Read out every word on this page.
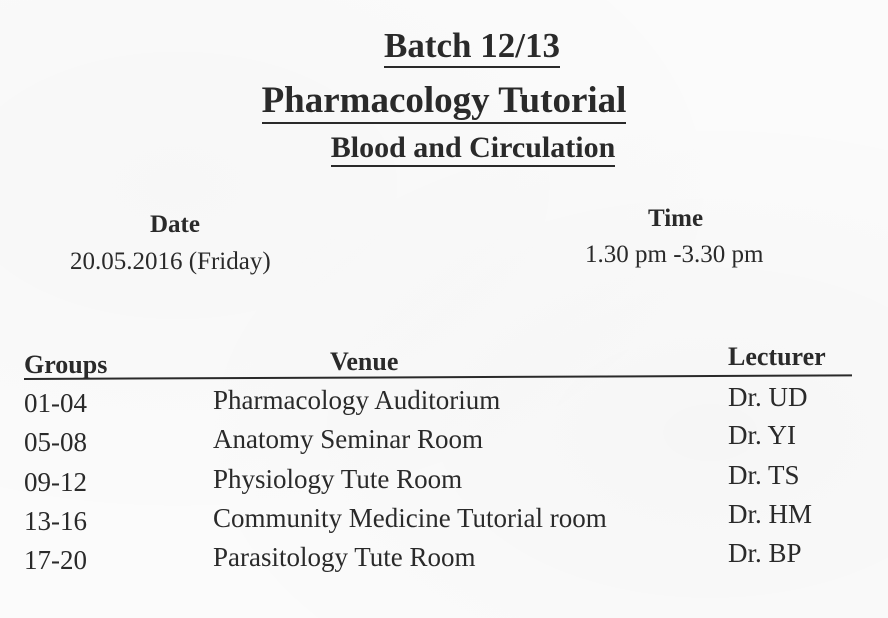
Batch 12/13
Pharmacology Tutorial
Blood and Circulation
Date
20.05.2016 (Friday)
Time
1.30 pm -3.30 pm
Groups	Venue	Lecturer
01-04	Pharmacology Auditorium	Dr. UD
05-08	Anatomy Seminar Room	Dr. YI
09-12	Physiology Tute Room	Dr. TS
13-16	Community Medicine Tutorial room	Dr. HM
17-20	Parasitology Tute Room	Dr. BP
